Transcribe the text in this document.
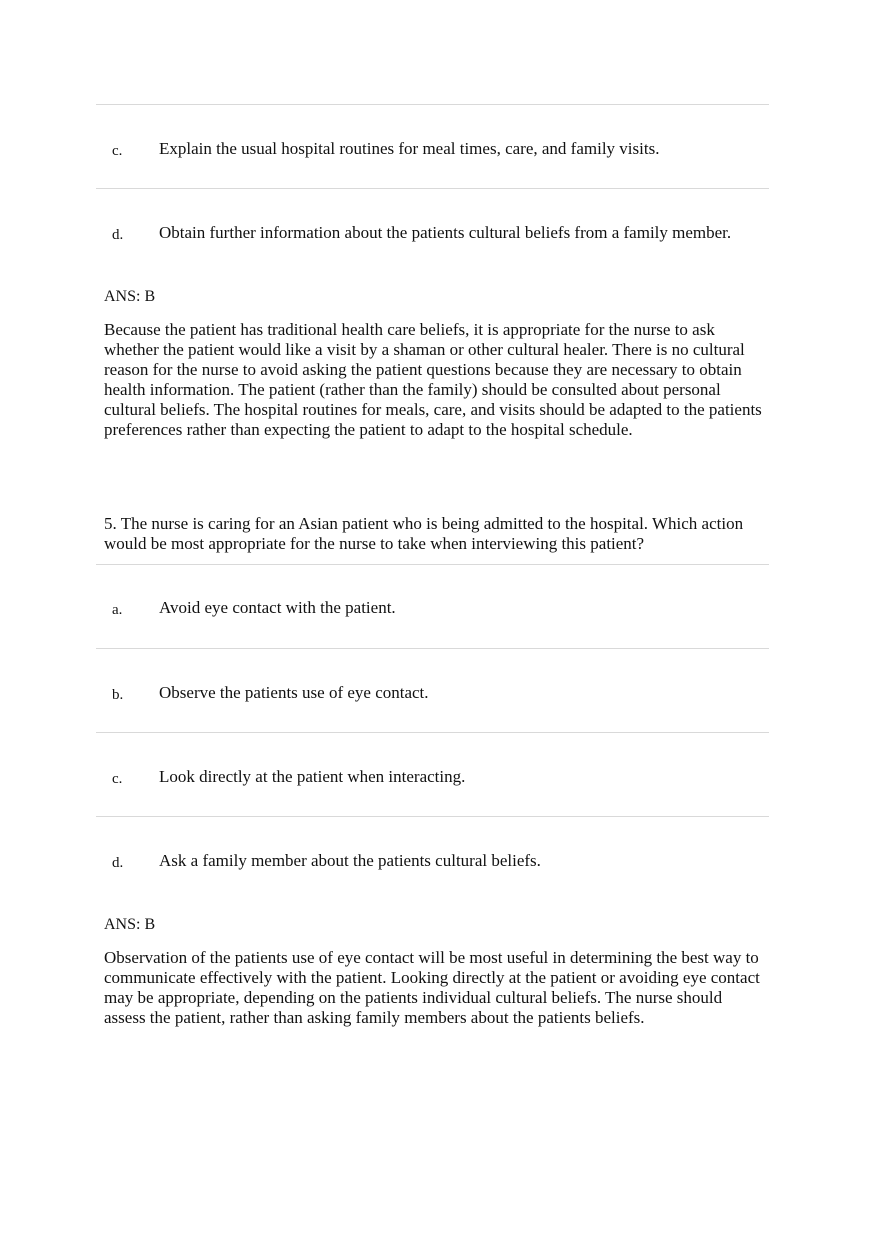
c. Explain the usual hospital routines for meal times, care, and family visits.
d. Obtain further information about the patients cultural beliefs from a family member.
ANS: B
Because the patient has traditional health care beliefs, it is appropriate for the nurse to ask
whether the patient would like a visit by a shaman or other cultural healer. There is no cultural
reason for the nurse to avoid asking the patient questions because they are necessary to obtain
health information. The patient (rather than the family) should be consulted about personal
cultural beliefs. The hospital routines for meals, care, and visits should be adapted to the patients
preferences rather than expecting the patient to adapt to the hospital schedule.
5. The nurse is caring for an Asian patient who is being admitted to the hospital. Which action
would be most appropriate for the nurse to take when interviewing this patient?
a. Avoid eye contact with the patient.
b. Observe the patients use of eye contact.
c. Look directly at the patient when interacting.
d. Ask a family member about the patients cultural beliefs.
ANS: B
Observation of the patients use of eye contact will be most useful in determining the best way to
communicate effectively with the patient. Looking directly at the patient or avoiding eye contact
may be appropriate, depending on the patients individual cultural beliefs. The nurse should
assess the patient, rather than asking family members about the patients beliefs.
